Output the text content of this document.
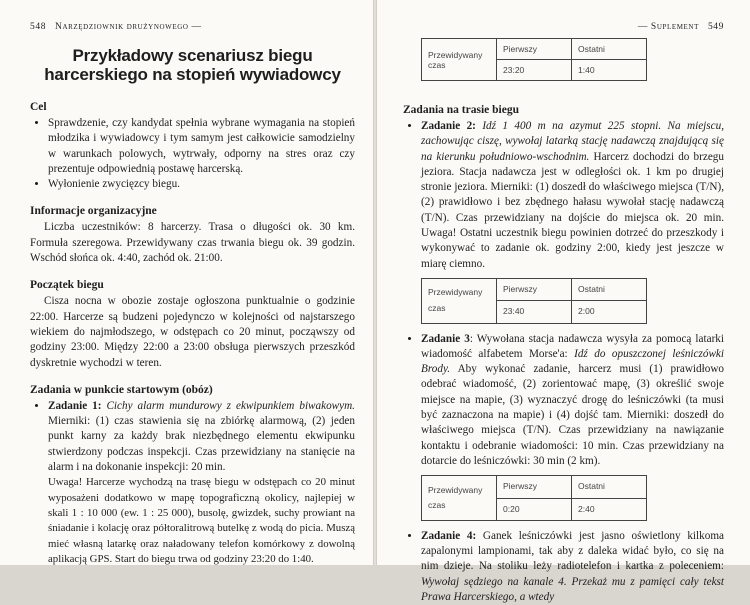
548 Narzędziownik drużynowego —
Przykładowy scenariusz biegu harcerskiego na stopień wywiadowcy
Cel
• Sprawdzenie, czy kandydat spełnia wybrane wymagania na stopień młodzika i wywiadowcy i tym samym jest całkowicie samodzielny w warunkach polowych, wytrwały, odporny na stres oraz czy prezentuje odpowiednią postawę harcerską.
• Wyłonienie zwycięzcy biegu.
Informacje organizacyjne

Liczba uczestników: 8 harcerzy. Trasa o długości ok. 30 km. Formuła szeregowa. Przewidywany czas trwania biegu ok. 39 godzin. Wschód słońca ok. 4:40, zachód ok. 21:00.

Początek biegu

Cisza nocna w obozie zostaje ogłoszona punktualnie o godzinie 22:00. Harcerze są budzeni pojedynczo w kolejności od najstarszego wiekiem do najmłodszego, w odstępach co 20 minut, począwszy od godziny 23:00. Między 22:00 a 23:00 obsługa pierwszych przeszkód dyskretnie wychodzi w teren.

Zadania w punkcie startowym (obóz)
• Zadanie 1: Cichy alarm mundurowy z ekwipunkiem biwakowym. Mierniki: (1) czas stawienia się na zbiórkę alarmową, (2) jeden punkt karny za każdy brak niezbędnego elementu ekwipunku stwierdzony podczas inspekcji. Czas przewidziany na stanięcie na alarm i na dokonanie inspekcji: 20 min.
Uwaga! Harcerze wychodzą na trasę biegu w odstępach co 20 minut wyposażeni dodatkowo w mapę topograficzną okolicy, najlepiej w skali 1 : 10 000 (ew. 1 : 25 000), busolę, gwizdek, suchy prowiant na śniadanie i kolację oraz półtoralitrową butelkę z wodą do picia. Muszą mieć własną latarkę oraz naładowany telefon komórkowy z dowolną aplikacją GPS. Start do biegu trwa od godziny 23:20 do 1:40.
— Suplement 549
Przewidywany czas	Pierwszy	Ostatni
	23:20	1:40
Zadania na trasie biegu
• Zadanie 2: Idź 1 400 m na azymut 225 stopni. Na miejscu, zachowując ciszę, wywołaj latarką stację nadawczą znajdującą się na kierunku południowo-wschodnim. Harcerz dochodzi do brzegu jeziora. Stacja nadawcza jest w odległości ok. 1 km po drugiej stronie jeziora. Mierniki: (1) doszedł do właściwego miejsca (T/N), (2) prawidłowo i bez zbędnego hałasu wywołał stację nadawczą (T/N). Czas przewidziany na dojście do miejsca ok. 20 min. Uwaga! Ostatni uczestnik biegu powinien dotrzeć do przeszkody i wykonywać to zadanie ok. godziny 2:00, kiedy jest jeszcze w miarę ciemno.
Przewidywany czas	Pierwszy	Ostatni
	23:40	2:00
• Zadanie 3: Wywołana stacja nadawcza wysyła za pomocą latarki wiadomość alfabetem Morse'a: Idź do opuszczonej leśniczówki Brody. Aby wykonać zadanie, harcerz musi (1) prawidłowo odebrać wiadomość, (2) zorientować mapę, (3) określić swoje miejsce na mapie, (3) wyznaczyć drogę do leśniczówki (ta musi być zaznaczona na mapie) i (4) dojść tam. Mierniki: doszedł do właściwego miejsca (T/N). Czas przewidziany na nawiązanie kontaktu i odebranie wiadomości: 10 min. Czas przewidziany na dotarcie do leśniczówki: 30 min (2 km).
Przewidywany czas	Pierwszy	Ostatni
	0:20	2:40
• Zadanie 4: Ganek leśniczówki jest jasno oświetlony kilkoma zapalonymi lampionami, tak aby z daleka widać było, co się na nim dzieje. Na stoliku leży radiotelefon i kartka z poleceniem: Wywołaj sędziego na kanale 4. Przekaż mu z pamięci cały tekst Prawa Harcerskiego, a wtedy
